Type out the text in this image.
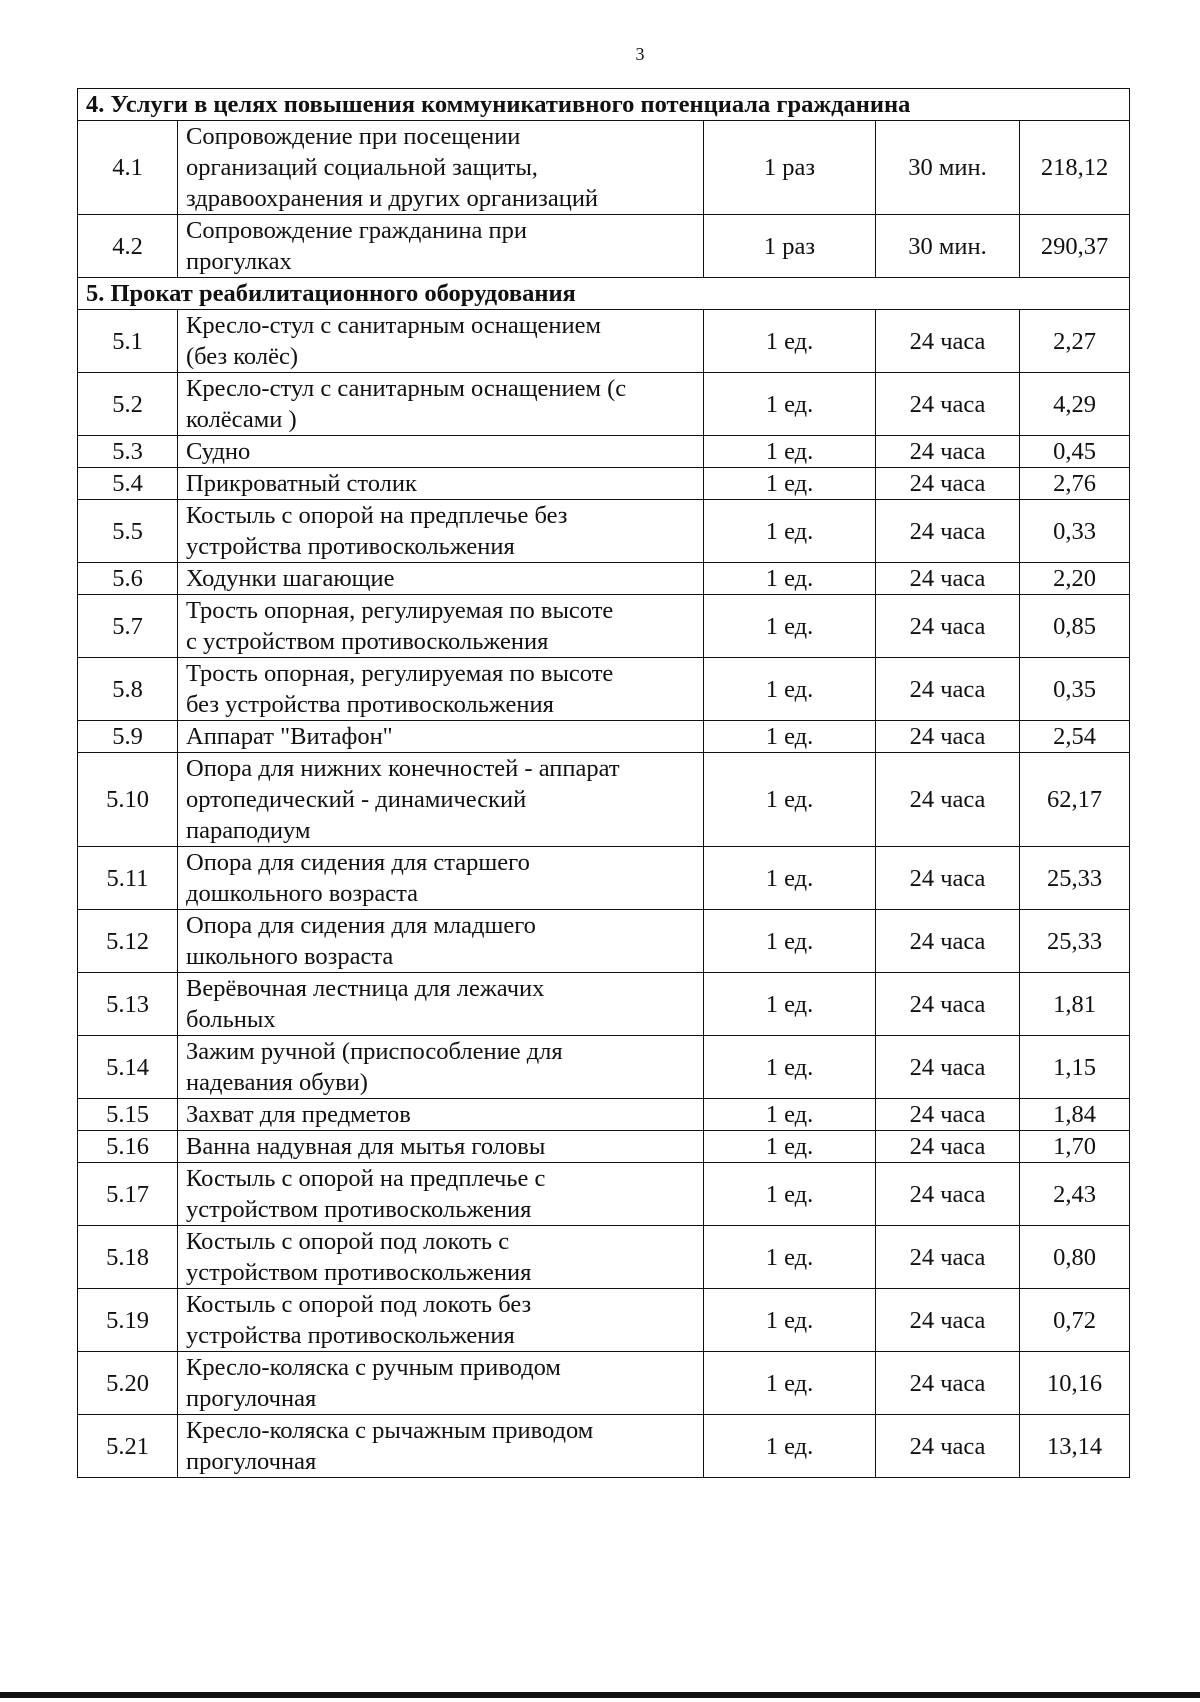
3
4. Услуги в целях повышения коммуникативного потенциала гражданина				
4.1	Сопровождение при посещении
организаций социальной защиты,
здравоохранения и других организаций	1 раз	30 мин.	218,12
4.2	Сопровождение гражданина при
прогулках	1 раз	30 мин.	290,37
5. Прокат реабилитационного оборудования				
5.1	Кресло-стул с санитарным оснащением
(без колёс)	1 ед.	24 часа	2,27
5.2	Кресло-стул с санитарным оснащением (с
колёсами )	1 ед.	24 часа	4,29
5.3	Судно	1 ед.	24 часа	0,45
5.4	Прикроватный столик	1 ед.	24 часа	2,76
5.5	Костыль с опорой на предплечье без
устройства противоскольжения	1 ед.	24 часа	0,33
5.6	Ходунки шагающие	1 ед.	24 часа	2,20
5.7	Трость опорная, регулируемая по высоте
с устройством противоскольжения	1 ед.	24 часа	0,85
5.8	Трость опорная, регулируемая по высоте
без устройства противоскольжения	1 ед.	24 часа	0,35
5.9	Аппарат "Витафон"	1 ед.	24 часа	2,54
5.10	Опора для нижних конечностей - аппарат
ортопедический - динамический
параподиум	1 ед.	24 часа	62,17
5.11	Опора для сидения для старшего
дошкольного возраста	1 ед.	24 часа	25,33
5.12	Опора для сидения для младшего
школьного возраста	1 ед.	24 часа	25,33
5.13	Верёвочная лестница для лежачих
больных	1 ед.	24 часа	1,81
5.14	Зажим ручной (приспособление для
надевания обуви)	1 ед.	24 часа	1,15
5.15	Захват для предметов	1 ед.	24 часа	1,84
5.16	Ванна надувная для мытья головы	1 ед.	24 часа	1,70
5.17	Костыль с опорой на предплечье с
устройством противоскольжения	1 ед.	24 часа	2,43
5.18	Костыль с опорой под локоть с
устройством противоскольжения	1 ед.	24 часа	0,80
5.19	Костыль с опорой под локоть без
устройства противоскольжения	1 ед.	24 часа	0,72
5.20	Кресло-коляска с ручным приводом
прогулочная	1 ед.	24 часа	10,16
5.21	Кресло-коляска с рычажным приводом
прогулочная	1 ед.	24 часа	13,14
